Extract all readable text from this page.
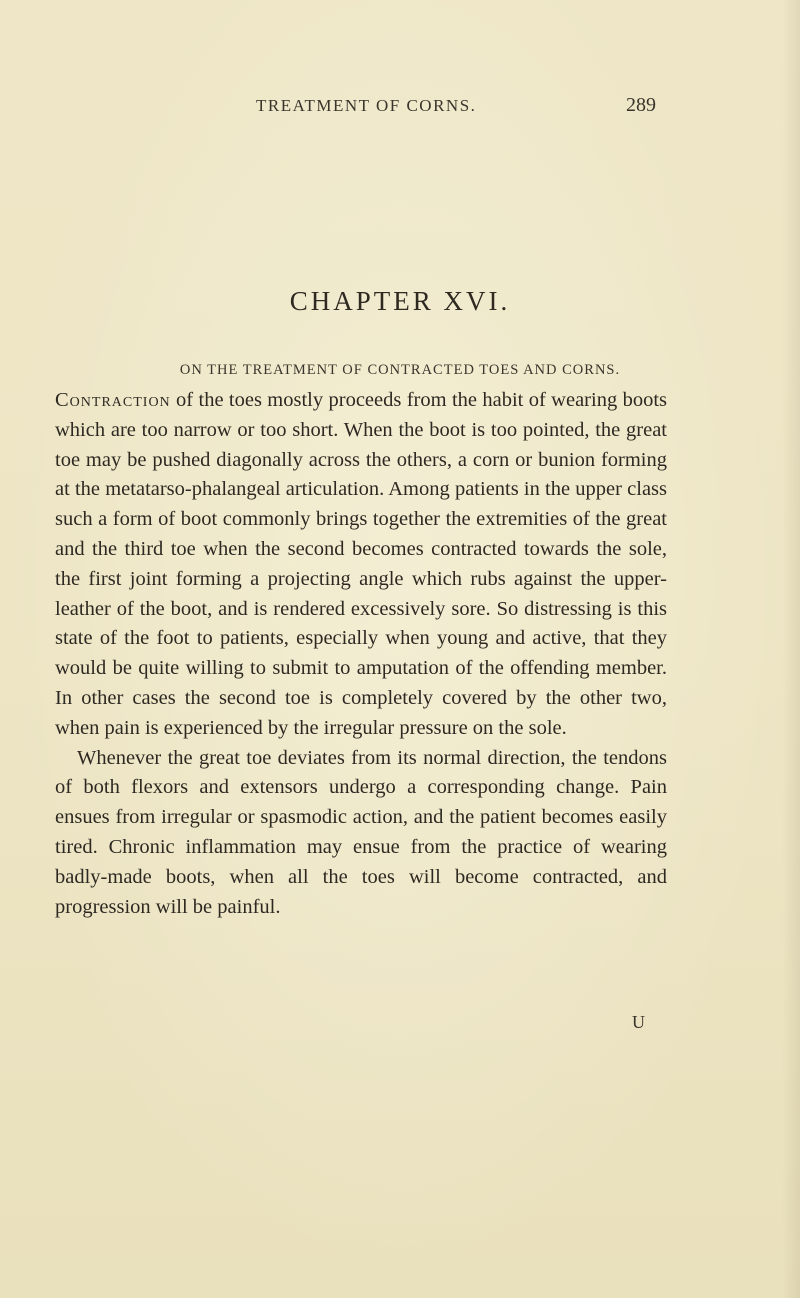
TREATMENT OF CORNS.	289
CHAPTER XVI.
ON THE TREATMENT OF CONTRACTED TOES AND CORNS.

Contraction of the toes mostly proceeds from the habit of wearing boots which are too narrow or too short. When the boot is too pointed, the great toe may be pushed diagonally across the others, a corn or bunion forming at the metatarso-phalangeal articulation. Among patients in the upper class such a form of boot commonly brings together the extremities of the great and the third toe when the second becomes contracted towards the sole, the first joint forming a projecting angle which rubs against the upper-leather of the boot, and is rendered excessively sore. So distressing is this state of the foot to patients, especially when young and active, that they would be quite willing to submit to amputation of the offending member. In other cases the second toe is completely covered by the other two, when pain is experienced by the irregular pressure on the sole.

Whenever the great toe deviates from its normal direction, the tendons of both flexors and extensors undergo a corresponding change. Pain ensues from irregular or spasmodic action, and the patient becomes easily tired. Chronic inflammation may ensue from the practice of wearing badly-made boots, when all the toes will become contracted, and progression will be painful.

U
